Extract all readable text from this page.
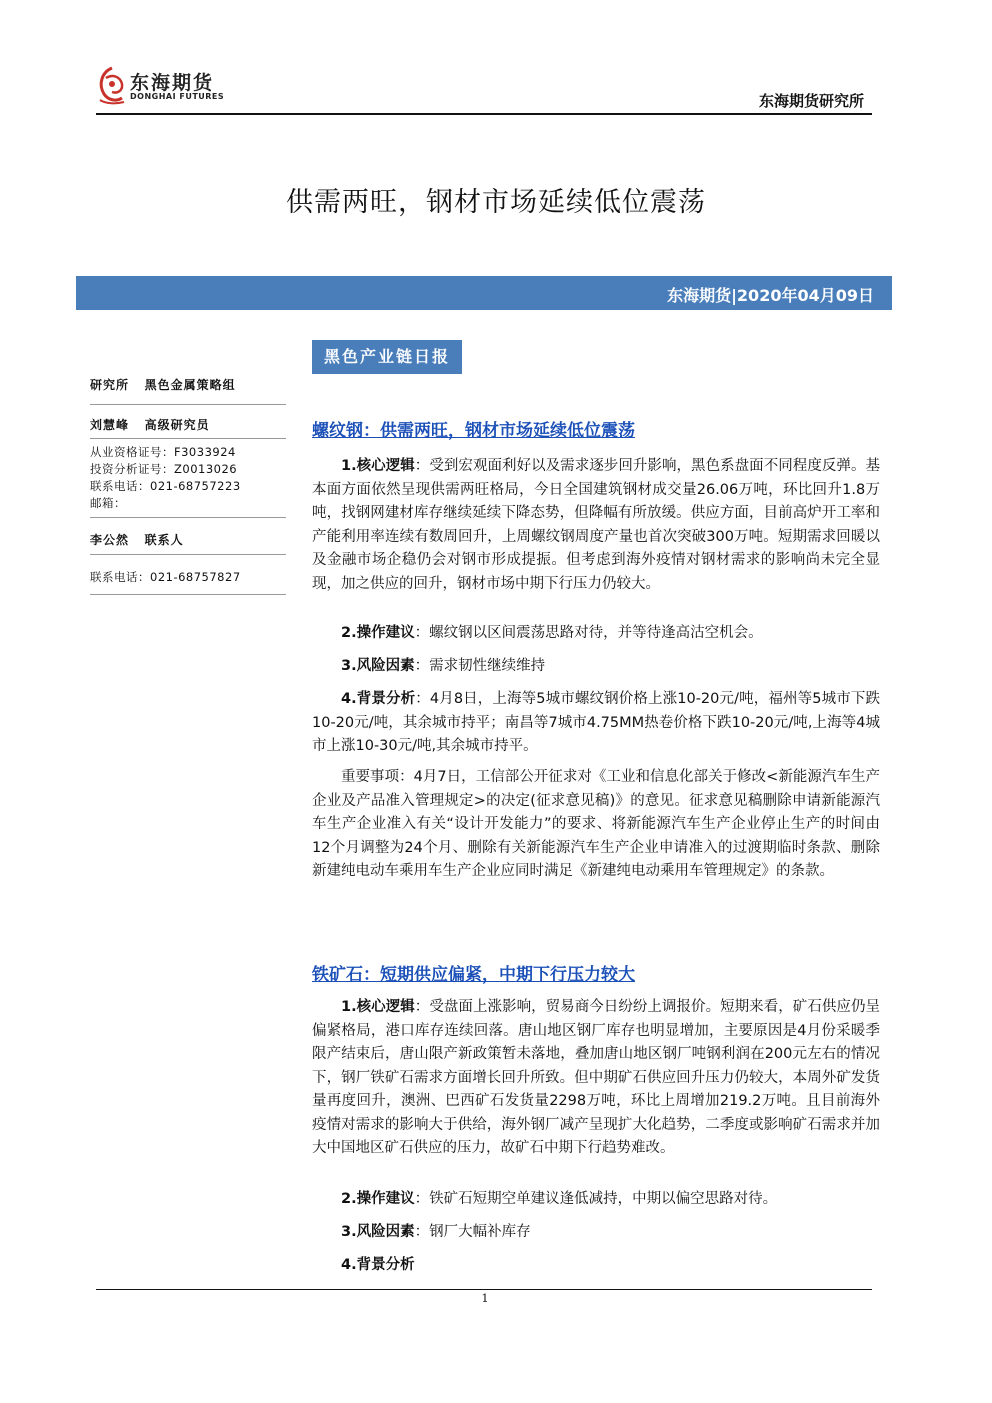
东海期货
DONGHAI FUTURES	东海期货研究所
供需两旺，钢材市场延续低位震荡
东海期货|2020年04月09日
研究所 黑色金属策略组
刘慧峰 高级研究员
从业资格证号：F3033924
投资分析证号：Z0013026
联系电话：021-68757223
邮箱：
李公然 联系人
联系电话：021-68757827
黑色产业链日报
螺纹钢：供需两旺，钢材市场延续低位震荡
1.核心逻辑：受到宏观面利好以及需求逐步回升影响，黑色系盘面不同程度反弹。基本面方面依然呈现供需两旺格局，今日全国建筑钢材成交量26.06万吨，环比回升1.8万吨，找钢网建材库存继续延续下降态势，但降幅有所放缓。供应方面，目前高炉开工率和产能利用率连续有数周回升，上周螺纹钢周度产量也首次突破300万吨。短期需求回暖以及金融市场企稳仍会对钢市形成提振。但考虑到海外疫情对钢材需求的影响尚未完全显现，加之供应的回升，钢材市场中期下行压力仍较大。
2.操作建议：螺纹钢以区间震荡思路对待，并等待逢高沽空机会。
3.风险因素：需求韧性继续维持
4.背景分析：4月8日，上海等5城市螺纹钢价格上涨10-20元/吨，福州等5城市下跌10-20元/吨，其余城市持平；南昌等7城市4.75MM热卷价格下跌10-20元/吨,上海等4城市上涨10-30元/吨,其余城市持平。
重要事项：4月7日，工信部公开征求对《工业和信息化部关于修改<新能源汽车生产企业及产品准入管理规定>的决定(征求意见稿)》的意见。征求意见稿删除申请新能源汽车生产企业准入有关“设计开发能力”的要求、将新能源汽车生产企业停止生产的时间由12个月调整为24个月、删除有关新能源汽车生产企业申请准入的过渡期临时条款、删除新建纯电动车乘用车生产企业应同时满足《新建纯电动乘用车管理规定》的条款。
铁矿石：短期供应偏紧，中期下行压力较大
1.核心逻辑：受盘面上涨影响，贸易商今日纷纷上调报价。短期来看，矿石供应仍呈偏紧格局，港口库存连续回落。唐山地区钢厂库存也明显增加，主要原因是4月份采暖季限产结束后，唐山限产新政策暂未落地，叠加唐山地区钢厂吨钢利润在200元左右的情况下，钢厂铁矿石需求方面增长回升所致。但中期矿石供应回升压力仍较大，本周外矿发货量再度回升，澳洲、巴西矿石发货量2298万吨，环比上周增加219.2万吨。且目前海外疫情对需求的影响大于供给，海外钢厂减产呈现扩大化趋势，二季度或影响矿石需求并加大中国地区矿石供应的压力，故矿石中期下行趋势难改。
2.操作建议：铁矿石短期空单建议逢低减持，中期以偏空思路对待。
3.风险因素：钢厂大幅补库存
4.背景分析
1
